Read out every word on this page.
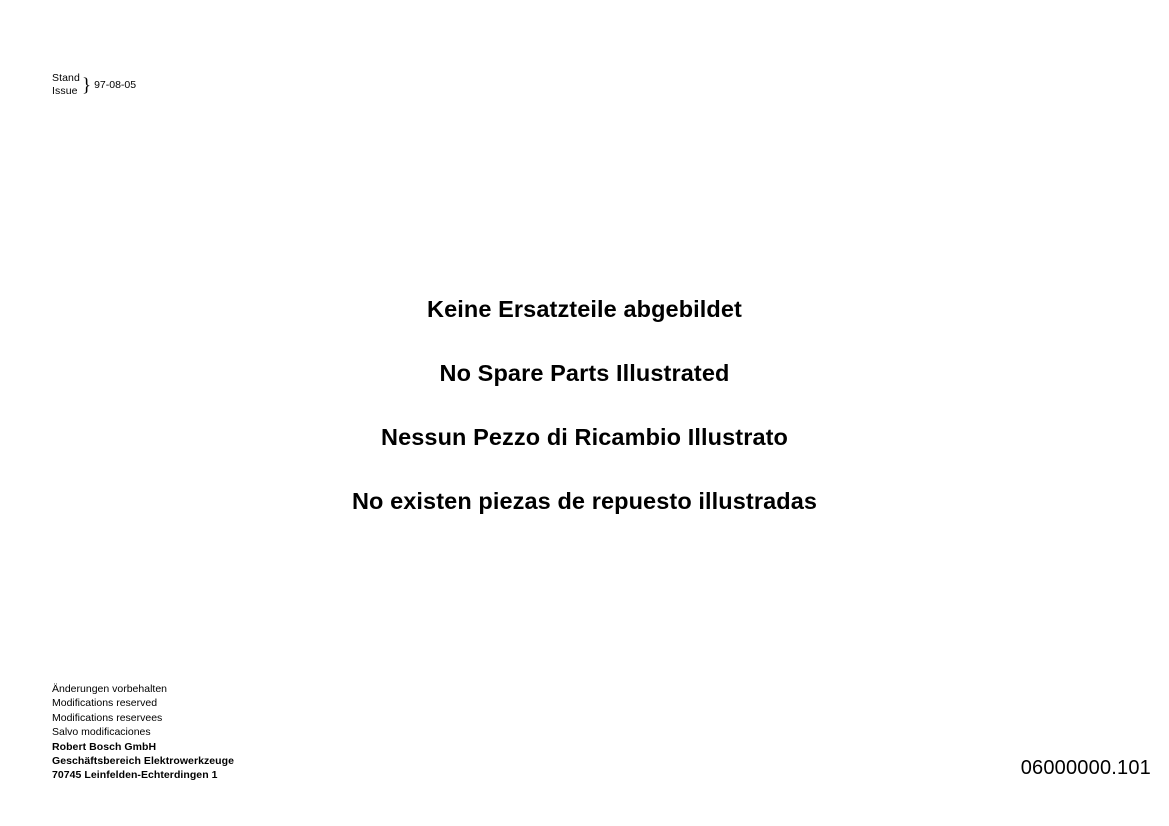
Stand
Issue } 97-08-05
Keine Ersatzteile abgebildet
No Spare Parts Illustrated
Nessun Pezzo di Ricambio Illustrato
No existen piezas de repuesto illustradas
Änderungen vorbehalten
Modifications reserved
Modifications reservees
Salvo modificaciones
Robert Bosch GmbH
Geschäftsbereich Elektrowerkzeuge
70745 Leinfelden-Echterdingen 1	06000000.101
